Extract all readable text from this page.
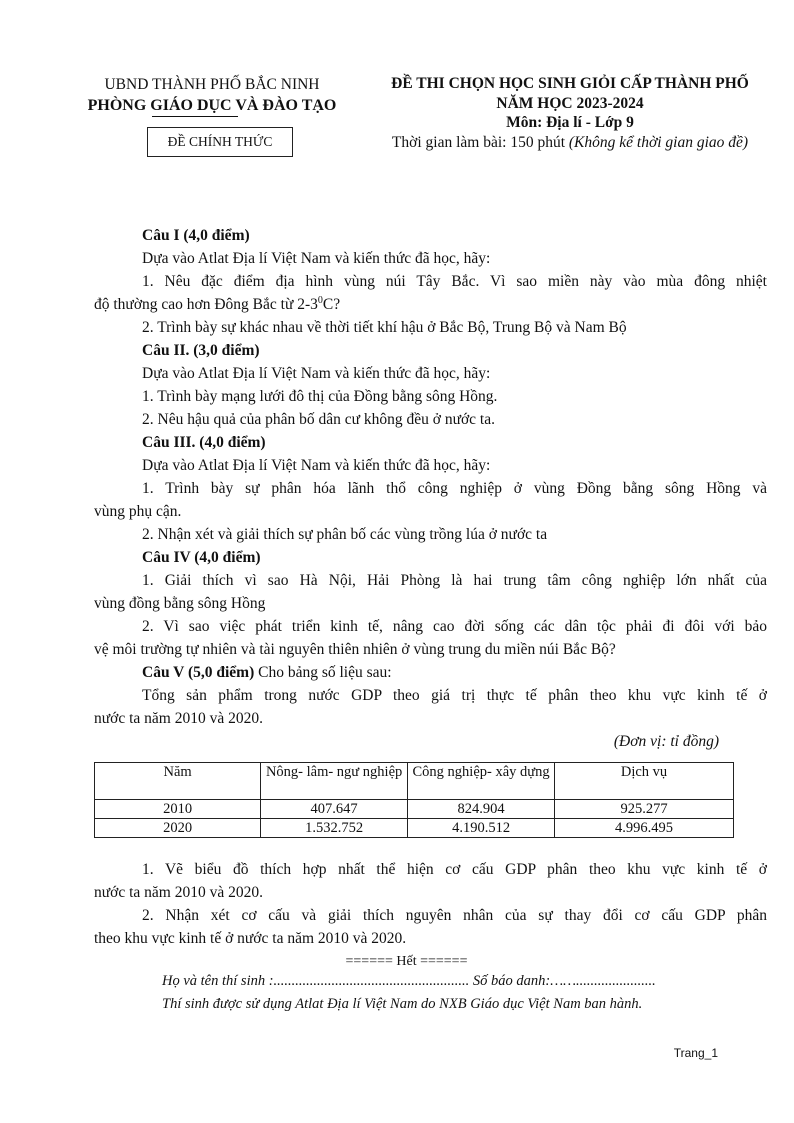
UBND THÀNH PHỐ BẮC NINH
PHÒNG GIÁO DỤC VÀ ĐÀO TẠO
ĐỀ CHÍNH THỨC
ĐỀ THI CHỌN HỌC SINH GIỎI CẤP THÀNH PHỐ
NĂM HỌC 2023-2024
Môn: Địa lí - Lớp 9
Thời gian làm bài: 150 phút (Không kể thời gian giao đề)
Câu I (4,0 điểm)
Dựa vào Atlat Địa lí Việt Nam và kiến thức đã học, hãy:
1. Nêu đặc điểm địa hình vùng núi Tây Bắc. Vì sao miền này vào mùa đông nhiệt
độ thường cao hơn Đông Bắc từ $2-3^0C$?
2. Trình bày sự khác nhau về thời tiết khí hậu ở Bắc Bộ, Trung Bộ và Nam Bộ
Câu II. (3,0 điểm)
Dựa vào Atlat Địa lí Việt Nam và kiến thức đã học, hãy:
1. Trình bày mạng lưới đô thị của Đồng bằng sông Hồng.
2. Nêu hậu quả của phân bố dân cư không đều ở nước ta.
Câu III. (4,0 điểm)
Dựa vào Atlat Địa lí Việt Nam và kiến thức đã học, hãy:
1. Trình bày sự phân hóa lãnh thổ công nghiệp ở vùng Đồng bằng sông Hồng và
vùng phụ cận.
2. Nhận xét và giải thích sự phân bố các vùng trồng lúa ở nước ta
Câu IV (4,0 điểm)
1. Giải thích vì sao Hà Nội, Hải Phòng là hai trung tâm công nghiệp lớn nhất của
vùng đồng bằng sông Hồng
2. Vì sao việc phát triển kinh tế, nâng cao đời sống các dân tộc phải đi đôi với bảo
vệ môi trường tự nhiên và tài nguyên thiên nhiên ở vùng trung du miền núi Bắc Bộ?
Câu V (5,0 điểm) Cho bảng số liệu sau:
Tổng sản phẩm trong nước GDP theo giá trị thực tế phân theo khu vực kinh tế ở
nước ta năm 2010 và 2020.
(Đơn vị: tỉ đồng)
Năm	Nông- lâm- ngư nghiệp	Công nghiệp- xây dựng	Dịch vụ
2010	407.647	824.904	925.277
2020	1.532.752	4.190.512	4.996.495
1. Vẽ biểu đồ thích hợp nhất thể hiện cơ cấu GDP phân theo khu vực kinh tế ở
nước ta năm 2010 và 2020.
2. Nhận xét cơ cấu và giải thích nguyên nhân của sự thay đổi cơ cấu GDP phân
theo khu vực kinh tế ở nước ta năm 2010 và 2020.
====== Hết ======
Họ và tên thí sinh :...................................................... Số báo danh:……......................
Thí sinh được sử dụng Atlat Địa lí Việt Nam do NXB Giáo dục Việt Nam ban hành.
Trang_1
